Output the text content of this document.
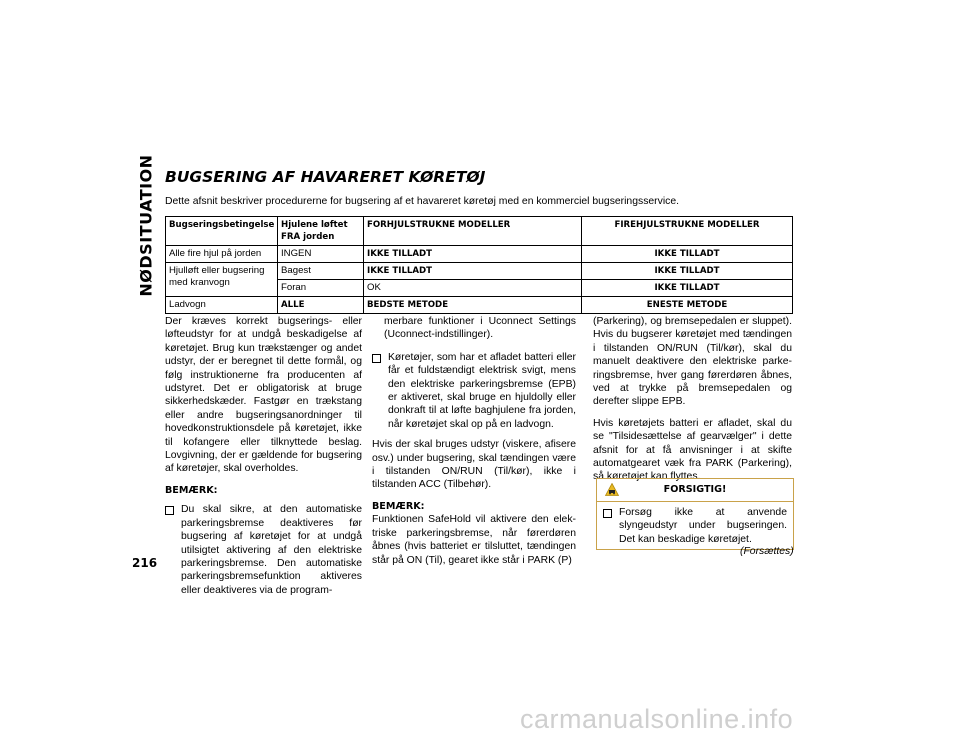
NØDSITUATION
216
BUGSERING AF HAVARERET KØRETØJ
Dette afsnit beskriver procedurerne for bugsering af et havareret køretøj med en kommerciel bugseringsservice.
Bugseringsbetingelse	Hjulene løftet FRA jorden	FORHJULSTRUKNE MODELLER	FIREHJULSTRUKNE MODELLER
Alle fire hjul på jorden	INGEN	IKKE TILLADT	IKKE TILLADT
Hjulløft eller bugsering med kranvogn	Bagest	IKKE TILLADT	IKKE TILLADT
	Foran	OK	IKKE TILLADT
Ladvogn	ALLE	BEDSTE METODE	ENESTE METODE

Der kræves korrekt bugserings- eller løfteudstyr for at undgå beskadigelse af køretøjet. Brug kun trækstænger og andet udstyr, der er beregnet til dette formål, og følg instruktionerne fra producenten af udstyret. Det er obligatorisk at bruge sikkerhedskæder. Fastgør en trækstang eller andre bugseringsanordninger til hovedkonstruktionsdele på køretøjet, ikke til kofangere eller tilknyttede beslag. Lovgivning, der er gældende for bugsering af køretøjer, skal overholdes.

BEMÆRK:
Du skal sikre, at den automatiske parkeringsbremse deaktiveres før bugsering af køretøjet for at undgå utilsigtet aktivering af den elektriske parkeringsbremse. Den automatiske parkeringsbremsefunktion aktiveres eller deaktiveres via de program-

merbare funktioner i Uconnect Settings (Uconnect-indstillinger).

Køretøjer, som har et afladet batteri eller får et fuldstændigt elektrisk svigt, mens den elektriske parkeringsbremse (EPB) er aktiveret, skal bruge en hjuldolly eller donkraft til at løfte baghjulene fra jorden, når køretøjet skal op på en ladvogn.

Hvis der skal bruges udstyr (viskere, afisere osv.) under bugsering, skal tændingen være i tilstanden ON/RUN (Til/kør), ikke i tilstanden ACC (Tilbehør).

BEMÆRK:

Funktionen SafeHold vil aktivere den elektriske parkeringsbremse, når førerdøren åbnes (hvis batteriet er tilsluttet, tændingen står på ON (Til), gearet ikke står i PARK (P)

(Parkering), og bremsepedalen er sluppet). Hvis du bugserer køretøjet med tændingen i tilstanden ON/RUN (Til/kør), skal du manuelt deaktivere den elektriske parkeringsbremse, hver gang førerdøren åbnes, ved at trykke på bremsepedalen og derefter slippe EPB.

Hvis køretøjets batteri er afladet, skal du se "Tilsidesættelse af gearvælger" i dette afsnit for at få anvisninger i at skifte automatgearet væk fra PARK (Parkering), så køretøjet kan flyttes.

FORSIGTIG!
Forsøg ikke at anvende slyngeudstyr under bugseringen. Det kan beskadige køretøjet.
(Forsættes)
carmanualsonline.info
